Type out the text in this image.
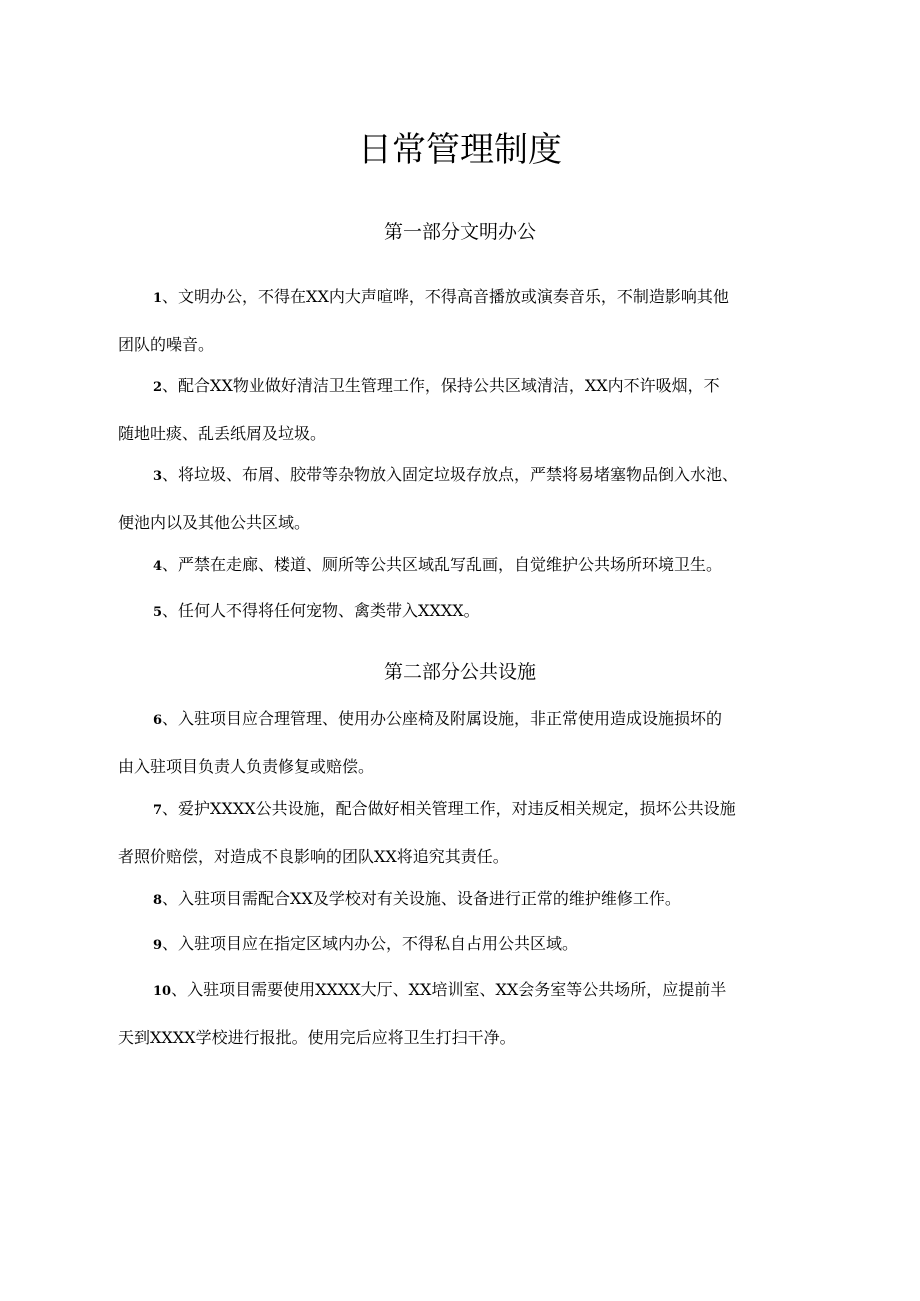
日常管理制度
第一部分文明办公
1、文明办公，不得在XX内大声喧哗，不得高音播放或演奏音乐，不制造影响其他
团队的噪音。
2、配合XX物业做好清洁卫生管理工作，保持公共区域清洁，XX内不许吸烟，不
随地吐痰、乱丢纸屑及垃圾。
3、将垃圾、布屑、胶带等杂物放入固定垃圾存放点，严禁将易堵塞物品倒入水池、
便池内以及其他公共区域。
4、严禁在走廊、楼道、厕所等公共区域乱写乱画，自觉维护公共场所环境卫生。
5、任何人不得将任何宠物、禽类带入XXXX。
第二部分公共设施
6、入驻项目应合理管理、使用办公座椅及附属设施，非正常使用造成设施损坏的
由入驻项目负责人负责修复或赔偿。
7、爱护XXXX公共设施，配合做好相关管理工作，对违反相关规定，损坏公共设施
者照价赔偿，对造成不良影响的团队XX将追究其责任。
8、入驻项目需配合XX及学校对有关设施、设备进行正常的维护维修工作。
9、入驻项目应在指定区域内办公，不得私自占用公共区域。
10、入驻项目需要使用XXXX大厅、XX培训室、XX会务室等公共场所，应提前半
天到XXXX学校进行报批。使用完后应将卫生打扫干净。
